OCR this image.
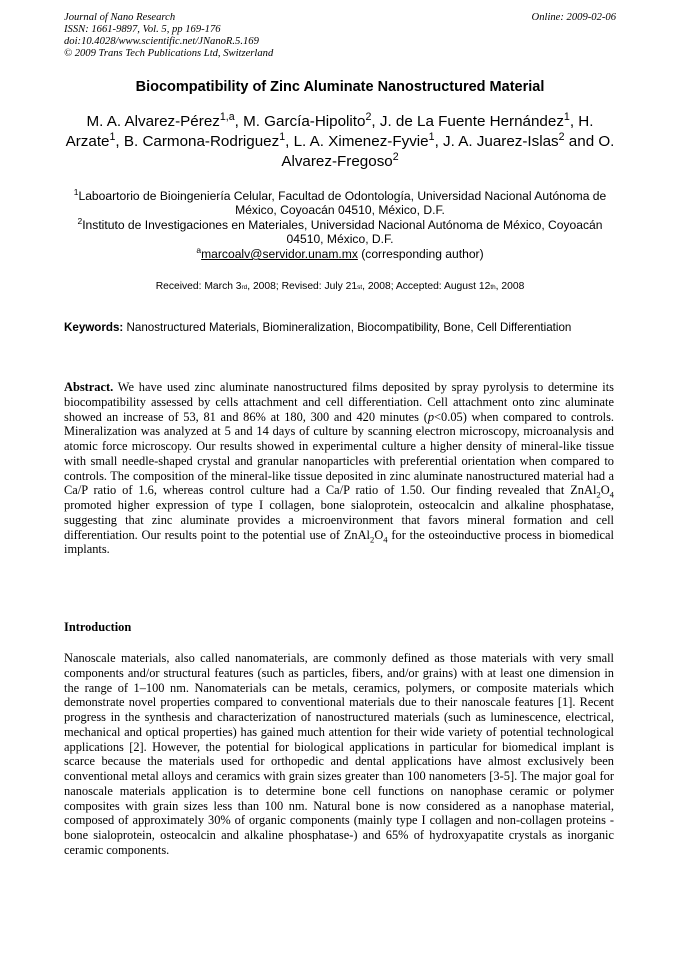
Journal of Nano Research
ISSN: 1661-9897, Vol. 5, pp 169-176
doi:10.4028/www.scientific.net/JNanoR.5.169
© 2009 Trans Tech Publications Ltd, Switzerland
Online: 2009-02-06
Biocompatibility of Zinc Aluminate Nanostructured Material
M. A. Alvarez-Pérez$^{1,a}$, M. García-Hipolito$^2$, J. de La Fuente Hernández$^1$, H. Arzate$^1$, B. Carmona-Rodriguez$^1$, L. A. Ximenez-Fyvie$^1$, J. A. Juarez-Islas$^2$ and O. Alvarez-Fregoso$^2$
$^1$Laboartorio de Bioingeniería Celular, Facultad de Odontología, Universidad Nacional Autónoma de México, Coyoacán 04510, México, D.F.
$^2$Instituto de Investigaciones en Materiales, Universidad Nacional Autónoma de México, Coyoacán 04510, México, D.F.
$^a$marcoalv@servidor.unam.mx (corresponding author)
Received: March 3rd, 2008; Revised: July 21st, 2008; Accepted: August 12th, 2008
Keywords: Nanostructured Materials, Biomineralization, Biocompatibility, Bone, Cell Differentiation
Abstract. We have used zinc aluminate nanostructured films deposited by spray pyrolysis to determine its biocompatibility assessed by cells attachment and cell differentiation. Cell attachment onto zinc aluminate showed an increase of 53, 81 and 86% at 180, 300 and 420 minutes (p<0.05) when compared to controls. Mineralization was analyzed at 5 and 14 days of culture by scanning electron microscopy, microanalysis and atomic force microscopy. Our results showed in experimental culture a higher density of mineral-like tissue with small needle-shaped crystal and granular nanoparticles with preferential orientation when compared to controls. The composition of the mineral-like tissue deposited in zinc aluminate nanostructured material had a Ca/P ratio of 1.6, whereas control culture had a Ca/P ratio of 1.50. Our finding revealed that $ZnAl_2O_4$ promoted higher expression of type I collagen, bone sialoprotein, osteocalcin and alkaline phosphatase, suggesting that zinc aluminate provides a microenvironment that favors mineral formation and cell differentiation. Our results point to the potential use of $ZnAl_2O_4$ for the osteoinductive process in biomedical implants.
Introduction
Nanoscale materials, also called nanomaterials, are commonly defined as those materials with very small components and/or structural features (such as particles, fibers, and/or grains) with at least one dimension in the range of 1–100 nm. Nanomaterials can be metals, ceramics, polymers, or composite materials which demonstrate novel properties compared to conventional materials due to their nanoscale features [1]. Recent progress in the synthesis and characterization of nanostructured materials (such as luminescence, electrical, mechanical and optical properties) has gained much attention for their wide variety of potential technological applications [2]. However, the potential for biological applications in particular for biomedical implant is scarce because the materials used for orthopedic and dental applications have almost exclusively been conventional metal alloys and ceramics with grain sizes greater than 100 nanometers [3-5]. The major goal for nanoscale materials application is to determine bone cell functions on nanophase ceramic or polymer composites with grain sizes less than 100 nm. Natural bone is now considered as a nanophase material, composed of approximately 30% of organic components (mainly type I collagen and non-collagen proteins -bone sialoprotein, osteocalcin and alkaline phosphatase-) and 65% of hydroxyapatite crystals as inorganic ceramic components.
